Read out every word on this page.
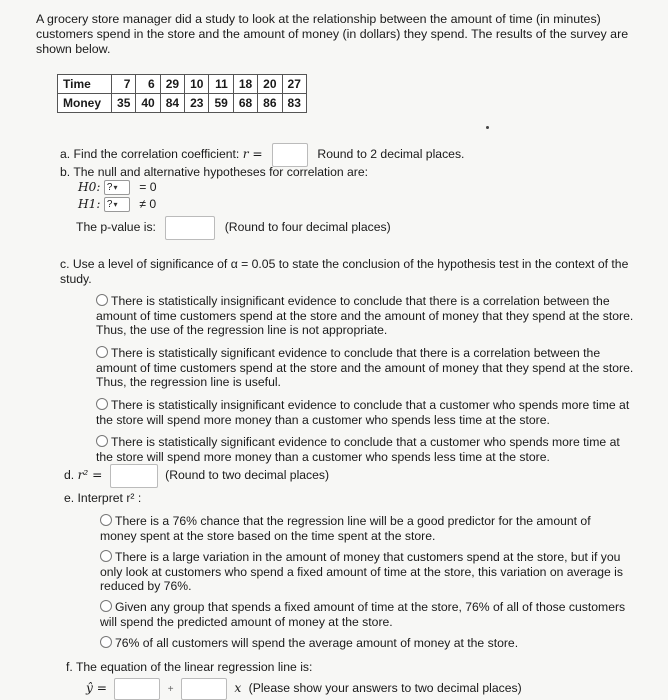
A grocery store manager did a study to look at the relationship between the amount of time (in minutes) customers spend in the store and the amount of money (in dollars) they spend. The results of the survey are shown below.
Time	7	6	29	10	11	18	20	27
Money	35	40	84	23	59	68	86	83
a. Find the correlation coefficient: r =	Round to 2 decimal places.
b. The null and alternative hypotheses for correlation are:
H0: ?▾ = 0
H1: ?▾ ≠ 0
The p-value is:	(Round to four decimal places)
c. Use a level of significance of α = 0.05 to state the conclusion of the hypothesis test in the context of the study.
There is statistically insignificant evidence to conclude that there is a correlation between the amount of time customers spend at the store and the amount of money that they spend at the store. Thus, the use of the regression line is not appropriate.
There is statistically significant evidence to conclude that there is a correlation between the amount of time customers spend at the store and the amount of money that they spend at the store. Thus, the regression line is useful.
There is statistically insignificant evidence to conclude that a customer who spends more time at the store will spend more money than a customer who spends less time at the store.
There is statistically significant evidence to conclude that a customer who spends more time at the store will spend more money than a customer who spends less time at the store.
d. r² =	(Round to two decimal places)
e. Interpret r² :
There is a 76% chance that the regression line will be a good predictor for the amount of money spent at the store based on the time spent at the store.
There is a large variation in the amount of money that customers spend at the store, but if you only look at customers who spend a fixed amount of time at the store, this variation on average is reduced by 76%.
Given any group that spends a fixed amount of time at the store, 76% of all of those customers will spend the predicted amount of money at the store.
76% of all customers will spend the average amount of money at the store.
f. The equation of the linear regression line is:
ŷ =	+	x (Please show your answers to two decimal places)
